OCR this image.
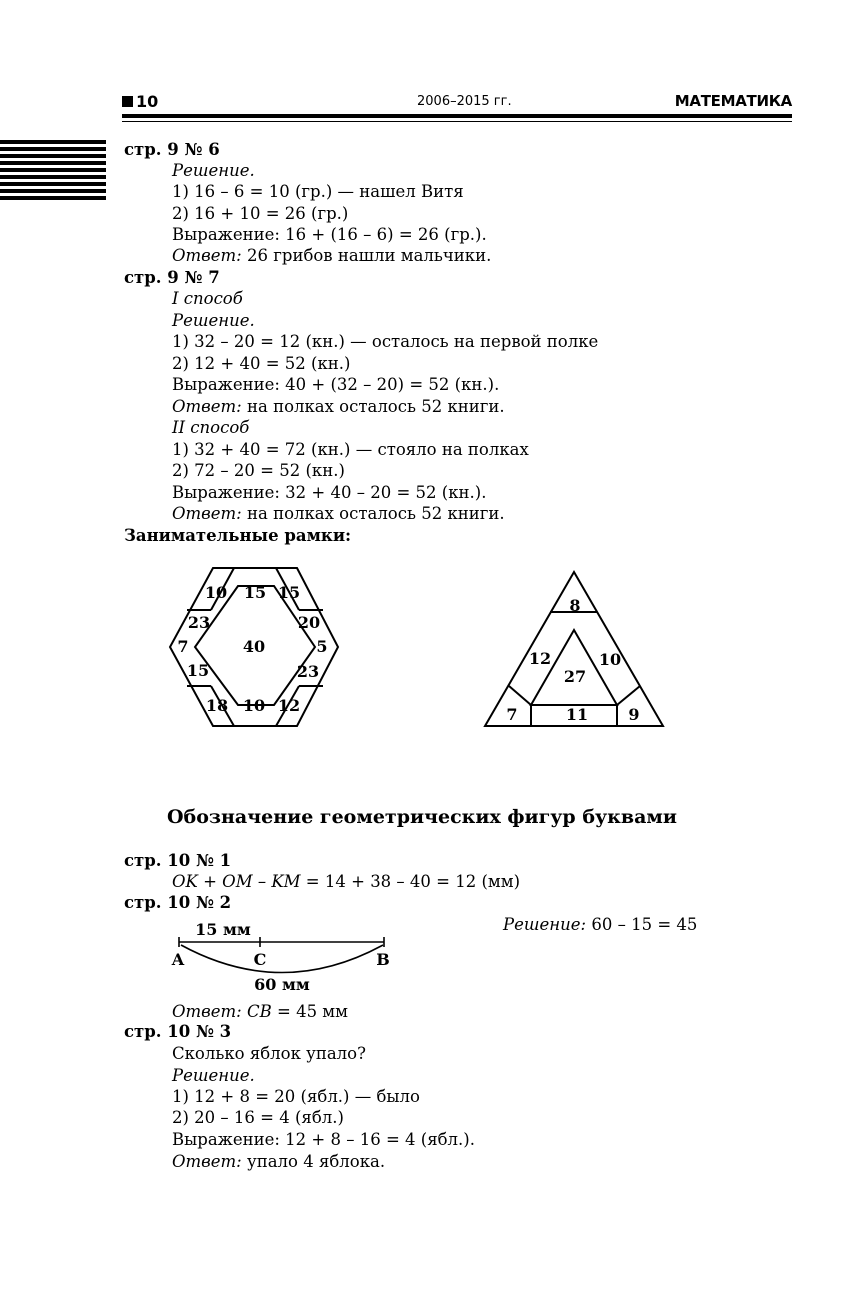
10	2006–2015 гг.	МАТЕМАТИКА
стр. 9 № 6
Решение.
1) 16 – 6 = 10 (гр.) — нашел Витя
2) 16 + 10 = 26 (гр.)
Выражение: 16 + (16 – 6) = 26 (гр.).
Ответ: 26 грибов нашли мальчики.
стр. 9 № 7
I способ
Решение.
1) 32 – 20 = 12 (кн.) — осталось на первой полке
2) 12 + 40 = 52 (кн.)
Выражение: 40 + (32 – 20) = 52 (кн.).
Ответ: на полках осталось 52 книги.
II способ
1) 32 + 40 = 72 (кн.) — стояло на полках
2) 72 – 20 = 52 (кн.)
Выражение: 32 + 40 – 20 = 52 (кн.).
Ответ: на полках осталось 52 книги.
Занимательные рамки:
10 15 15
23	20
7	40	5
15	23
18 10 12
8
12	10
27
7	11	9
15 мм
A	C	B
60 мм
Обозначение геометрических фигур буквами
стр. 10 № 1
OK + OM – KM = 14 + 38 – 40 = 12 (мм)
стр. 10 № 2
Решение: 60 – 15 = 45
Ответ: CB = 45 мм
стр. 10 № 3
Сколько яблок упало?
Решение.
1) 12 + 8 = 20 (ябл.) — было
2) 20 – 16 = 4 (ябл.)
Выражение: 12 + 8 – 16 = 4 (ябл.).
Ответ: упало 4 яблока.
